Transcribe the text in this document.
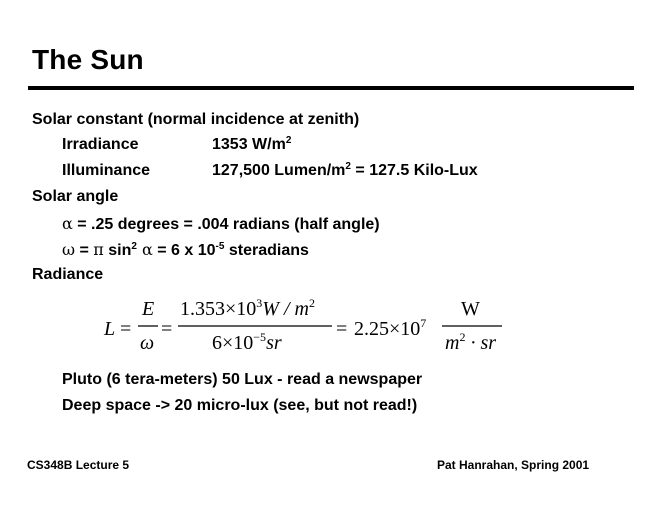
The Sun
Solar constant (normal incidence at zenith)
Irradiance	1353 $W/m^2$
Illuminance	127,500 Lumen/$m^2 = 127.5$ Kilo-Lux
Solar angle
α = .25 degrees = .004 radians (half angle)
ω = π $\sin^2 \alpha = 6$ x $10^{-5}$ steradians
Radiance
L =
E
ω
=
$1.353\times 10^3W / m^2$
$6\times 10^{-5}sr$
= $2.25\times 10^7$
W
$m^2$ · sr
Pluto (6 tera-meters) 50 Lux - read a newspaper
Deep space -> 20 micro-lux (see, but not read!)
CS348B Lecture 5	Pat Hanrahan, Spring 2001
